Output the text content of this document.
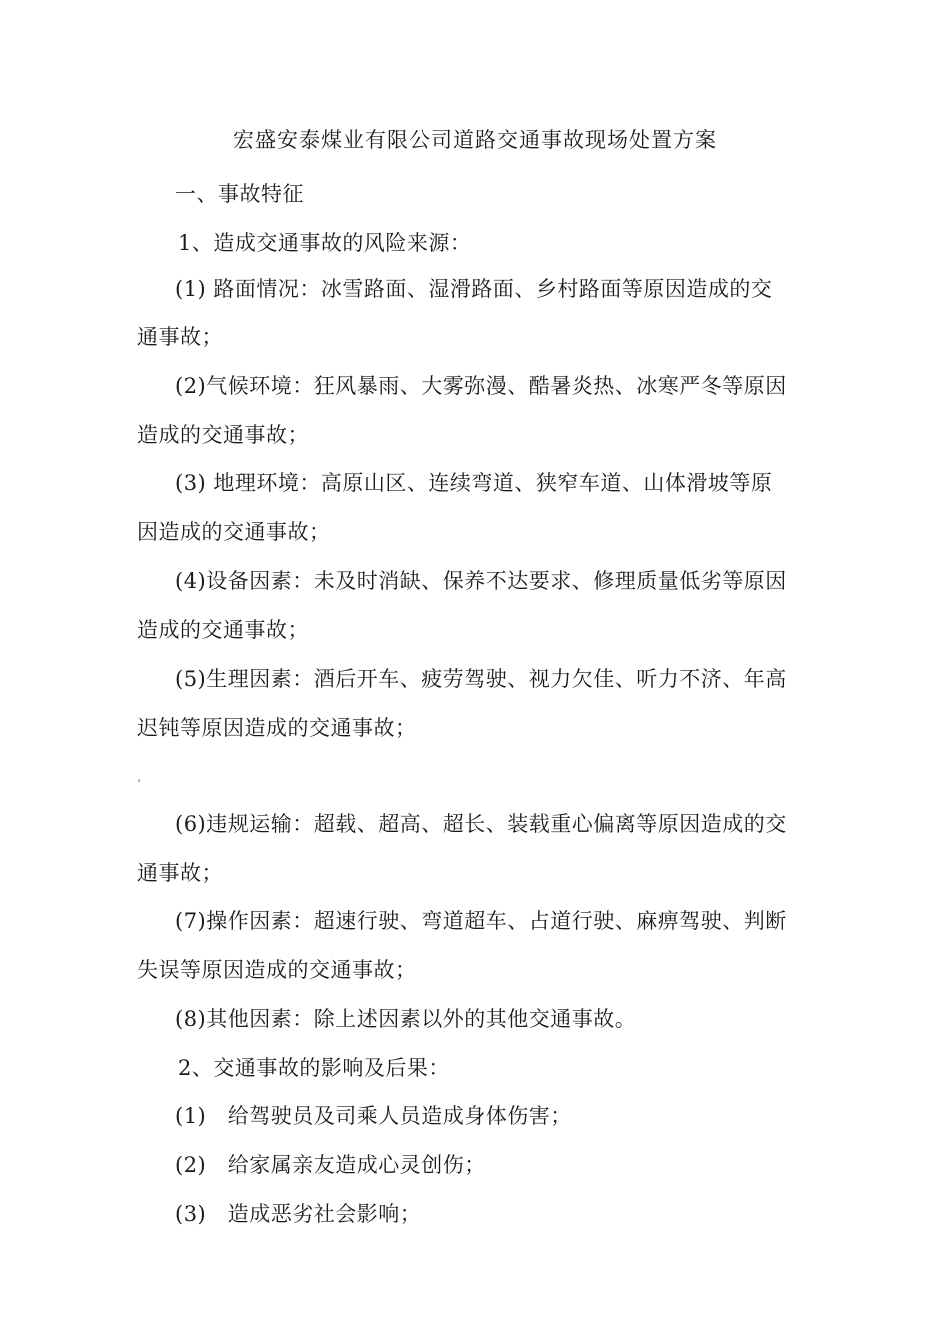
宏盛安泰煤业有限公司道路交通事故现场处置方案
一、事故特征
1、造成交通事故的风险来源：
(1) 路面情况：冰雪路面、湿滑路面、乡村路面等原因造成的交
通事故；
(2)气候环境：狂风暴雨、大雾弥漫、酷暑炎热、冰寒严冬等原因
造成的交通事故；
(3) 地理环境：高原山区、连续弯道、狭窄车道、山体滑坡等原
因造成的交通事故；
(4)设备因素：未及时消缺、保养不达要求、修理质量低劣等原因
造成的交通事故；
(5)生理因素：酒后开车、疲劳驾驶、视力欠佳、听力不济、年高
迟钝等原因造成的交通事故；
˃
(6)违规运输：超载、超高、超长、装载重心偏离等原因造成的交
通事故；
(7)操作因素：超速行驶、弯道超车、占道行驶、麻痹驾驶、判断
失误等原因造成的交通事故；
(8)其他因素：除上述因素以外的其他交通事故。
2、交通事故的影响及后果：
(1)　给驾驶员及司乘人员造成身体伤害；
(2)　给家属亲友造成心灵创伤；
(3)　造成恶劣社会影响；
